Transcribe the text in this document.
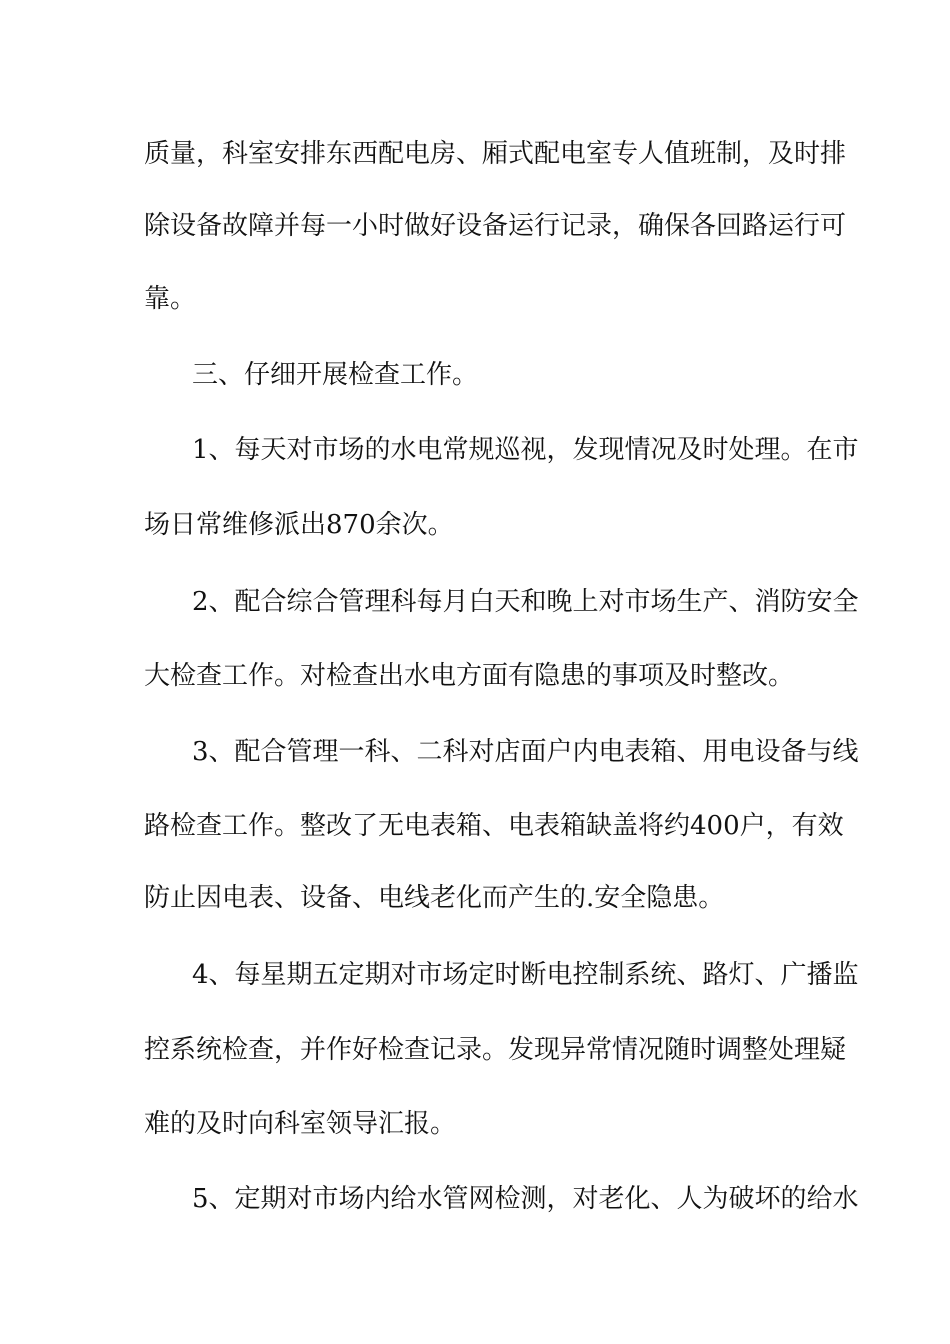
质量，科室安排东西配电房、厢式配电室专人值班制，及时排
除设备故障并每一小时做好设备运行记录，确保各回路运行可
靠。
三、仔细开展检查工作。
1、每天对市场的水电常规巡视，发现情况及时处理。在市
场日常维修派出870余次。
2、配合综合管理科每月白天和晚上对市场生产、消防安全
大检查工作。对检查出水电方面有隐患的事项及时整改。
3、配合管理一科、二科对店面户内电表箱、用电设备与线
路检查工作。整改了无电表箱、电表箱缺盖将约400户，有效
防止因电表、设备、电线老化而产生的.安全隐患。
4、每星期五定期对市场定时断电控制系统、路灯、广播监
控系统检查，并作好检查记录。发现异常情况随时调整处理疑
难的及时向科室领导汇报。
5、定期对市场内给水管网检测，对老化、人为破坏的给水
